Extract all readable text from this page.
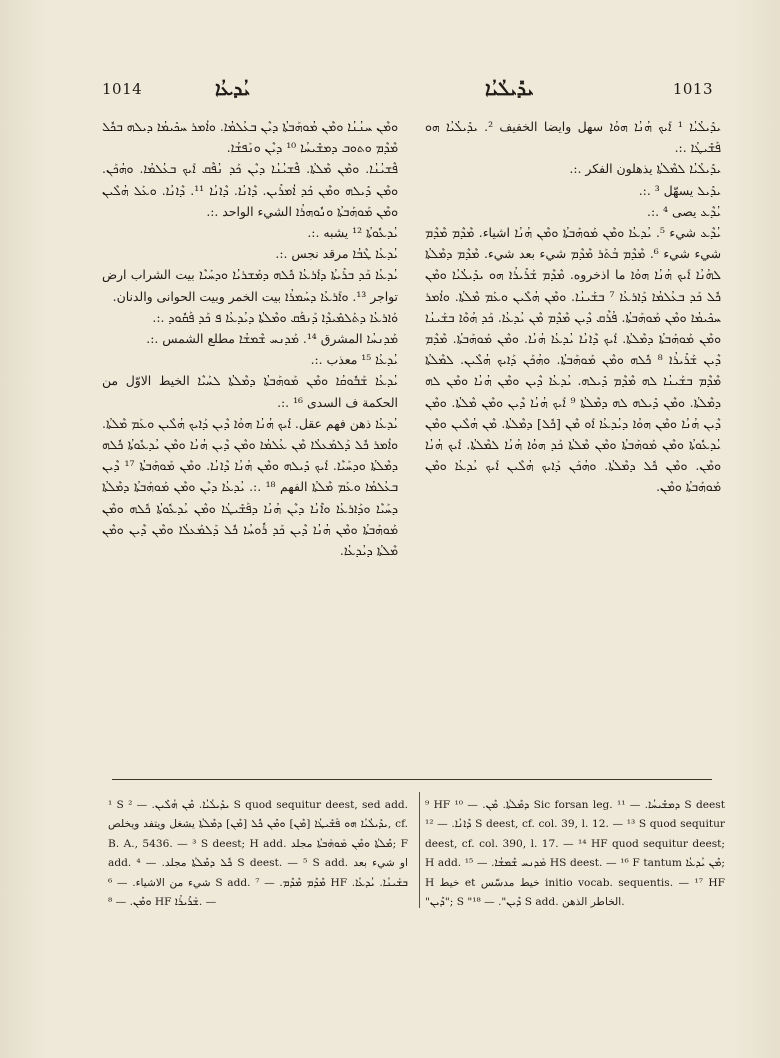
1014	ܝܳܕܥܳܐ	ܝܕܺܝܠܳܝܳܐ	1013

ܘܡܶܢ ܚܢܳܢܳܐ ܘܡܶܢ ܡܳܘܗܰܒܬܳܐ ܕܝܶܢ ܒܥܳܠܡܳܐ. ܘܐܳܡܪ ܚܟܺܝܡܳܐ ܕܝܠܗ ܒܟܽܠ ܡܶܕܶܡ ܘܬܘܒ ܕܡܫܺܝܚܳܐ ¹⁰ ܕܝܶܢ ܘܢܰܦܫܳܐ.

ܦܶܫܝܳܢܳܐ. ܘܡܶܢ ܡܶܠܬܳܐ. ܦܶܫܝܳܢܳܐ ܕܝܶܢ ܟܰܕ ܢܳܦܶܩ ܐܰܝܟ ܒܥܳܠܡܳܐ. ܘܗܳܟܰܢ. ܘܡܶܢ ܕܺܝܠܗ ܘܡܶܢ ܟܰܕ ܐܳܡܪܺܝܢ. ܕܶܐܢܳܐ. ܕܶܐܢܳܐ ¹¹. ܕܶܐܢܳܐ. ܘܥܰܠ ܗܳܠܶܝܢ ܘܡܶܢ ܡܰܘܗܰܒܬܳܐ ܘܢܽܘܗܪܳܐ الشيء الواحد .:.

ܝܳܕܥܽܘܬܳܐ ¹² يشبه .:.

ܝܳܕܥܳܐ ܛܶܒܳܐ مرقد نجس .:.

ܝܳܕܥܳܐ ܟܰܕ ܒܪܺܝܬܳܐ ܕܐܰܪܥܳܐ ܟܽܠܗ ܕܡܰܫܪܝܳܐ ܘܕܚܰܝܶܐ بيت الشراب ارض تواجر ¹³. ܘܐܰܪܥܳܐ ܕܚܰܡܪܳܐ بيت الخمر وبيت الحوانى والدنان.

ܘܰܐܪܥܳܐ ܕܬܰܠܡܺܝܕܶܐ ܕܰܢܦܰܩ ܘܡܶܠܬܳܐ ܕܝܳܕܥܳܐ ܦ ܟܰܕ ܦܰܩܽܘܕ .:.

ܡܰܕܢܚܳܐ المشرق ¹⁴. ܡܰܕܢܚ ܫܶܡܫܳܐ مطلع الشمس .:.

ܝܳܕܥܳܐ ¹⁵ معذب .:.

ܝܳܕܥܳܐ ܫܰܒܽܘܩܳܐ ܘܡܶܢ ܡܰܘܗܰܒܬܳܐ ܕܡܶܠܬܳܐ ܠܚܰܝܶܐ الخيط الاوّل من الحكمة ف السدى ¹⁶ .:.

ܝܳܕܥܳܐ ذهن فهم عقل. ܐܰܝܟ ܗܳܢܳܐ ܗܘܳܐ ܕܶܝܢ ܕܰܐܝܟ ܗܳܠܶܝܢ ܘܥܰܡ ܡܶܠܬܳܐ. ܘܐܳܡܪ ܟܽܠ ܕܰܠܡܰܥܠܳܐ ܡܶܢ ܥܳܠܡܳܐ ܘܡܶܢ ܕܶܝܢ ܗܳܢܳܐ ܘܡܶܢ ܝܳܕܥܽܘܬܳܐ ܟܽܠܗ ܕܡܶܠܬܳܐ ܘܕܚܰܝܶܐ. ܐܰܝܟ ܕܺܝܠܗ ܘܡܶܢ ܗܳܢܳܐ ܕܶܐܢܳܐ. ܘܡܶܢ ܡܰܘܗܰܒܬܳܐ ¹⁷ ܕܶܝܢ ܒܥܳܠܡܳܐ ܘܥܰܡ ܡܶܠܬܳܐ الفهم ¹⁸ .:. ܝܳܕܥܳܐ ܕܝܶܢ ܘܡܶܢ ܡܰܘܗܰܒܬܳܐ ܕܡܶܠܬܳܐ ܕܚܰܝܶܐ ܘܕܰܐܪܥܳܐ ܘܐܶܢܳܐ ܕܝܶܢ ܗܳܢܳܐ ܕܦܰܫܺܝܛܳܐ ܘܡܶܢ ܝܳܕܥܽܘܬܳܐ ܟܽܠܗ ܘܡܶܢ ܡܰܘܗܰܒܬܳܐ ܘܡܶܢ ܗܳܢܳܐ ܕܶܝܢ ܟܰܕ ܪܽܘܚܳܐ ܟܽܠ ܕܰܠܡܰܥܠܳܐ ܘܡܶܢ ܕܶܝܢ ܘܡܶܢ ܡܶܠܬܳܐ ܕܝܳܕܥܳܐ.

ܝܕܺܝܠܳܝܳܐ ¹ ܐܰܝܟ ܗܳܢܳܐ ܗܘܳܐ سهل وايضا الخفيف ². ܝܕܺܝܠܳܝܳܐ ܗܘ ܦܰܫܺܝܛܳܐ .:.

ܝܕܺܝܠܳܝܳܐ ܠܡܶܠܬܳܐ يذهلون الفكر .:.

ܝܕܺܝܠ يسهّل ³ .:.

ܝܳܕܶܥ يصى ⁴ .:.

ܝܳܕܶܥ شيء ⁵. ܝܳܕܥܳܐ ܘܡܶܢ ܡܰܘܗܰܒܬܳܐ ܘܡܶܢ ܗܳܢܳܐ اشياء. ܡܶܕܶܡ ܡܶܕܶܡ شيء شيء ⁶. ܡܶܕܶܡ ܒܳܬܰܪ ܡܶܕܶܡ شيء بعد شيء. ܡܶܕܶܡ ܕܡܶܠܬܳܐ ܠܗܳܢܳܐ ܐܰܝܟ ܗܳܢܳܐ ܗܘܳܐ ما اذخروه. ܡܶܕܶܡ ܫܰܪܺܝܪܳܐ ܗܘ ܝܕܺܝܠܳܝܳܐ ܘܡܶܢ ܟܽܠ ܟܰܕ ܒܥܳܠܡܳܐ ܕܰܐܪܥܳܐ ⁷ ܒܫܰܝܢܳܐ. ܘܡܶܢ ܗܳܠܶܝܢ ܘܥܰܡ ܡܶܠܬܳܐ. ܘܐܳܡܪ ܚܟܺܝܡܳܐ ܘܡܶܢ ܡܰܘܗܰܒܬܳܐ. ܦܳܪܶܩ ܕܶܝܢ ܡܶܕܶܡ ܡܶܢ ܝܳܕܥܳܐ. ܟܰܕ ܗܳܘܶܐ ܒܫܰܝܢܳܐ ܘܡܶܢ ܡܰܘܗܰܒܬܳܐ ܕܡܶܠܬܳܐ. ܐܰܝܟ ܕܶܐܢܳܐ ܝܳܕܥܳܐ ܗܳܢܳܐ. ܘܡܶܢ ܡܰܘܗܰܒܬܳܐ. ܡܶܕܶܡ ܕܶܝܢ ܫܰܪܺܝܪܳܐ ⁸ ܟܽܠܗ ܘܡܶܢ ܡܰܘܗܰܒܬܳܐ. ܘܗܳܟܰܢ ܕܰܐܝܟ ܗܳܠܶܝܢ. ܠܡܶܠܬܳܐ ܡܶܕܶܡ ܒܫܰܝܢܳܐ ܠܗ ܡܶܕܶܡ ܕܺܝܠܗ. ܝܳܕܥܳܐ ܕܶܝܢ ܘܡܶܢ ܗܳܢܳܐ ܘܡܶܢ ܠܗ ܕܡܶܠܬܳܐ. ܘܡܶܢ ܕܺܝܠܗ ܠܗ ܕܡܶܠܬܳܐ ⁹ ܐܰܝܟ ܗܳܢܳܐ ܕܶܝܢ ܘܡܶܢ ܡܶܠܬܳܐ. ܘܡܶܢ ܕܶܝܢ ܗܳܢܳܐ ܘܡܶܢ ܗܘܳܐ ܕܝܳܕܥܳܐ ܐܰܘ ܡܶܢ [ܟܽܠ] ܕܡܶܠܬܳܐ. ܡܶܢ ܗܳܠܶܝܢ ܘܡܶܢ ܝܳܕܥܽܘܬܳܐ ܘܡܶܢ ܡܰܘܗܰܒܬܳܐ ܘܡܶܢ ܡܶܠܬܳܐ ܟܰܕ ܗܘܳܐ ܗܳܢܳܐ ܠܡܶܠܬܳܐ. ܐܰܝܟ ܗܳܢܳܐ ܘܡܶܢ. ܘܡܶܢ ܟܽܠ ܕܡܶܠܬܳܐ. ܘܗܳܟܰܢ ܕܰܐܝܟ ܗܳܠܶܝܢ ܐܰܝܟ ܝܳܕܥܳܐ ܘܡܶܢ ܡܰܘܗܰܒܬܳܐ ܘܡܶܢ.

¹ S ܝܕܺܝܠܳܝܳܐ. ܡܶܢ ܗܳܠܶܝܢ. — ² S quod sequitur deest, sed add. ܝܕܺܝܠܳܝܳܐ ܗܘ ܦܰܫܺܝܛܳܐ [ܡܶܢ] ܘܡܶܢ ܟܽܠ [ܡܶܢ] ܕܡܶܠܬܳܐ يشغل ويتفد ويخلص, cf. B. A., 5436. — ³ S deest; H add. ܡܶܠܬܳܐ ܘܡܶܢ ܡܰܘܗܰܒܬܳܐ مجلد; F add. ܟܽܠ ܕܡܶܠܬܳܐ مجلد. — ⁴ S deest. — ⁵ S add. او شيء بعد شيء من الاشياء. — ⁶ S add. ܡܶܕܶܡ ܡܶܕܶܡ. — ⁷ HF ܒܫܰܝܢܳܐ. ܝܳܕܥܳܐ. ܘܡܶܢ. — ⁸ HF ܫܰܪܺܝܪܳܐ. —

⁹ HF ܕܡܶܠܬܳܐ. ܡܶܢ. — ¹⁰ Sic forsan leg. ܕܡܫܺܝܚܳܐ. — ¹¹ S deest ܕܶܐܢܳܐ. — ¹² S deest, cf. col. 39, l. 12. — ¹³ S quod sequitur deest, cf. col. 390, l. 17. — ¹⁴ HF quod sequitur deest; H add. ܡܰܕܢܚ ܫܶܡܫܳܐ. — ¹⁵ HS deest. — ¹⁶ F tantum ܡܶܢ ܝܳܕܥܳܐ; H خيط et خيط مدسّس initio vocab. sequentis. — ¹⁷ HF "ܕܶܝܢ"; S "ܕܶܝܢ". — ¹⁸ S add. الخاطر الذهن.
